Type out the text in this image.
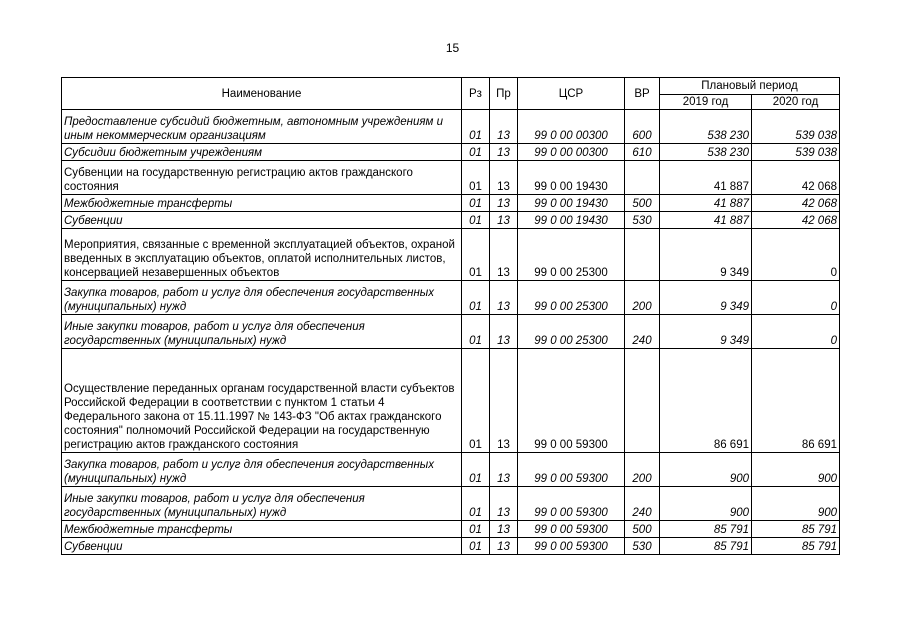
15
Наименование	Рз	Пр	ЦСР	ВР	Плановый период	
					2019 год	2020 год
Предоставление субсидий бюджетным, автономным учреждениям и иным некоммерческим организациям	01	13	99 0 00 00300	600	538 230	539 038
Субсидии бюджетным учреждениям	01	13	99 0 00 00300	610	538 230	539 038
Субвенции на государственную регистрацию актов гражданского состояния	01	13	99 0 00 19430		41 887	42 068
Межбюджетные трансферты	01	13	99 0 00 19430	500	41 887	42 068
Субвенции	01	13	99 0 00 19430	530	41 887	42 068
Мероприятия, связанные с временной эксплуатацией объектов, охраной введенных в эксплуатацию объектов, оплатой исполнительных листов, консервацией незавершенных объектов	01	13	99 0 00 25300		9 349	0
Закупка товаров, работ и услуг для обеспечения государственных (муниципальных) нужд	01	13	99 0 00 25300	200	9 349	0
Иные закупки товаров, работ и услуг для обеспечения государственных (муниципальных) нужд	01	13	99 0 00 25300	240	9 349	0
Осуществление переданных органам государственной власти субъектов Российской Федерации в соответствии с пунктом 1 статьи 4 Федерального закона от 15.11.1997 № 143-ФЗ "Об актах гражданского состояния" полномочий Российской Федерации на государственную регистрацию актов гражданского состояния	01	13	99 0 00 59300		86 691	86 691
Закупка товаров, работ и услуг для обеспечения государственных (муниципальных) нужд	01	13	99 0 00 59300	200	900	900
Иные закупки товаров, работ и услуг для обеспечения государственных (муниципальных) нужд	01	13	99 0 00 59300	240	900	900
Межбюджетные трансферты	01	13	99 0 00 59300	500	85 791	85 791
Субвенции	01	13	99 0 00 59300	530	85 791	85 791
